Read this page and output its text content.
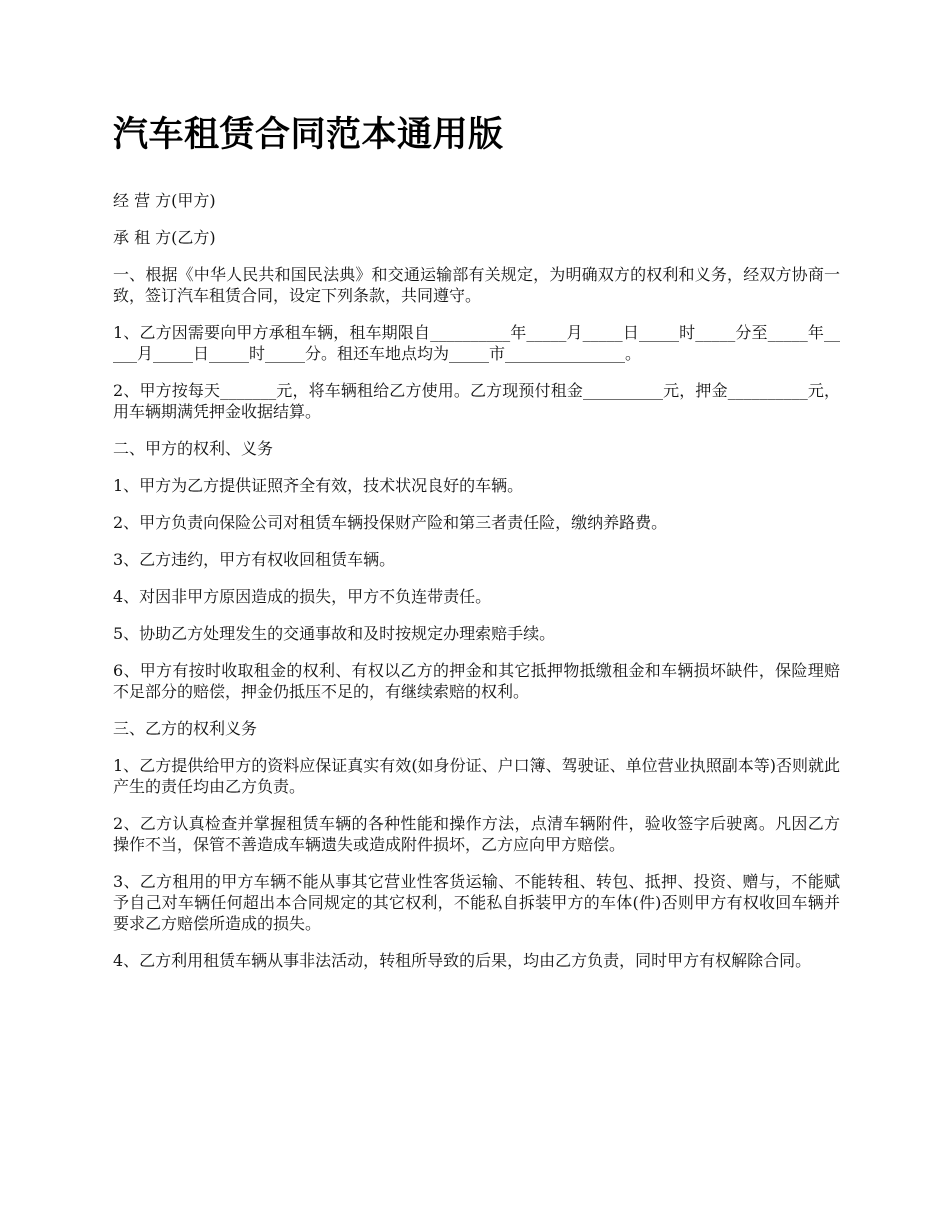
汽车租赁合同范本通用版

经 营 方(甲方)

承 租 方(乙方)

一、根据《中华人民共和国民法典》和交通运输部有关规定，为明确双方的权利和义务，经双方协商一致，签订汽车租赁合同，设定下列条款，共同遵守。

1、乙方因需要向甲方承租车辆，租车期限自__________年_____月_____日_____时_____分至_____年_____月_____日_____时_____分。租还车地点均为_____市_______________。

2、甲方按每天_______元，将车辆租给乙方使用。乙方现预付租金__________元，押金__________元，用车辆期满凭押金收据结算。

二、甲方的权利、义务

1、甲方为乙方提供证照齐全有效，技术状况良好的车辆。

2、甲方负责向保险公司对租赁车辆投保财产险和第三者责任险，缴纳养路费。

3、乙方违约，甲方有权收回租赁车辆。

4、对因非甲方原因造成的损失，甲方不负连带责任。

5、协助乙方处理发生的交通事故和及时按规定办理索赔手续。

6、甲方有按时收取租金的权利、有权以乙方的押金和其它抵押物抵缴租金和车辆损坏缺件，保险理赔不足部分的赔偿，押金仍抵压不足的，有继续索赔的权利。

三、乙方的权利义务

1、乙方提供给甲方的资料应保证真实有效(如身份证、户口簿、驾驶证、单位营业执照副本等)否则就此产生的责任均由乙方负责。

2、乙方认真检查并掌握租赁车辆的各种性能和操作方法，点清车辆附件，验收签字后驶离。凡因乙方操作不当，保管不善造成车辆遗失或造成附件损坏，乙方应向甲方赔偿。

3、乙方租用的甲方车辆不能从事其它营业性客货运输、不能转租、转包、抵押、投资、赠与，不能赋予自己对车辆任何超出本合同规定的其它权利，不能私自拆装甲方的车体(件)否则甲方有权收回车辆并要求乙方赔偿所造成的损失。

4、乙方利用租赁车辆从事非法活动，转租所导致的后果，均由乙方负责，同时甲方有权解除合同。
